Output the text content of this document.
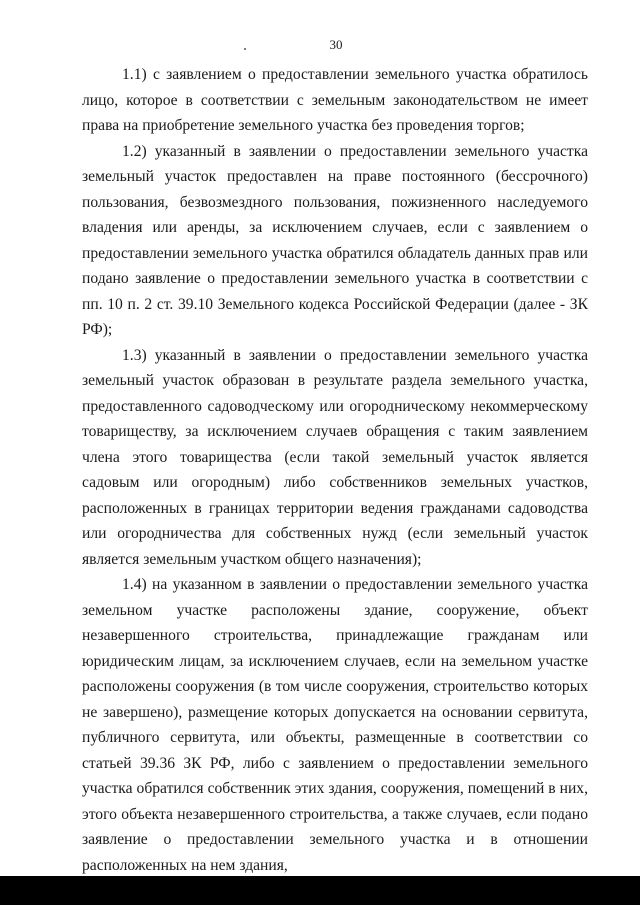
30

1.1) с заявлением о предоставлении земельного участка обратилось лицо, которое в соответствии с земельным законодательством не имеет права на приобретение земельного участка без проведения торгов;

1.2) указанный в заявлении о предоставлении земельного участка земельный участок предоставлен на праве постоянного (бессрочного) пользования, безвозмездного пользования, пожизненного наследуемого владения или аренды, за исключением случаев, если с заявлением о предоставлении земельного участка обратился обладатель данных прав или подано заявление о предоставлении земельного участка в соответствии с пп. 10 п. 2 ст. 39.10 Земельного кодекса Российской Федерации (далее - ЗК РФ);

1.3) указанный в заявлении о предоставлении земельного участка земельный участок образован в результате раздела земельного участка, предоставленного садоводческому или огородническому некоммерческому товариществу, за исключением случаев обращения с таким заявлением члена этого товарищества (если такой земельный участок является садовым или огородным) либо собственников земельных участков, расположенных в границах территории ведения гражданами садоводства или огородничества для собственных нужд (если земельный участок является земельным участком общего назначения);

1.4) на указанном в заявлении о предоставлении земельного участка земельном участке расположены здание, сооружение, объект незавершенного строительства, принадлежащие гражданам или юридическим лицам, за исключением случаев, если на земельном участке расположены сооружения (в том числе сооружения, строительство которых не завершено), размещение которых допускается на основании сервитута, публичного сервитута, или объекты, размещенные в соответствии со статьей 39.36 ЗК РФ, либо с заявлением о предоставлении земельного участка обратился собственник этих здания, сооружения, помещений в них, этого объекта незавершенного строительства, а также случаев, если подано заявление о предоставлении земельного участка и в отношении расположенных на нем здания,
